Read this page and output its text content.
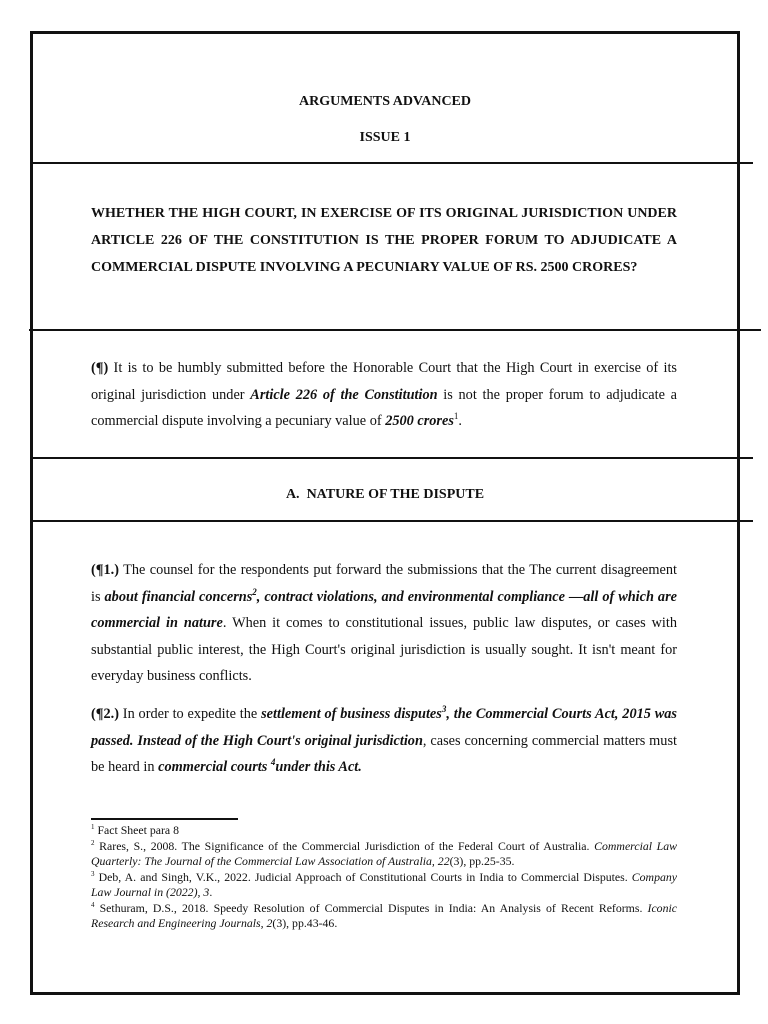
ARGUMENTS ADVANCED
ISSUE 1
WHETHER THE HIGH COURT, IN EXERCISE OF ITS ORIGINAL JURISDICTION UNDER ARTICLE 226 OF THE CONSTITUTION IS THE PROPER FORUM TO ADJUDICATE A COMMERCIAL DISPUTE INVOLVING A PECUNIARY VALUE OF RS. 2500 CRORES?
(¶) It is to be humbly submitted before the Honorable Court that the High Court in exercise of its original jurisdiction under Article 226 of the Constitution is not the proper forum to adjudicate a commercial dispute involving a pecuniary value of 2500 crores$^1$.
A. NATURE OF THE DISPUTE
(¶1.) The counsel for the respondents put forward the submissions that the The current disagreement is about financial concerns$^2$, contract violations, and environmental compliance —all of which are commercial in nature. When it comes to constitutional issues, public law disputes, or cases with substantial public interest, the High Court's original jurisdiction is usually sought. It isn't meant for everyday business conflicts.
(¶2.) In order to expedite the settlement of business disputes$^3$, the Commercial Courts Act, 2015 was passed. Instead of the High Court's original jurisdiction, cases concerning commercial matters must be heard in commercial courts $^4$under this Act.

$^1$ Fact Sheet para 8

$^2$ Rares, S., 2008. The Significance of the Commercial Jurisdiction of the Federal Court of Australia. Commercial Law Quarterly: The Journal of the Commercial Law Association of Australia, 22(3), pp.25-35.

$^3$ Deb, A. and Singh, V.K., 2022. Judicial Approach of Constitutional Courts in India to Commercial Disputes. Company Law Journal in (2022), 3.

$^4$ Sethuram, D.S., 2018. Speedy Resolution of Commercial Disputes in India: An Analysis of Recent Reforms. Iconic Research and Engineering Journals, 2(3), pp.43-46.
